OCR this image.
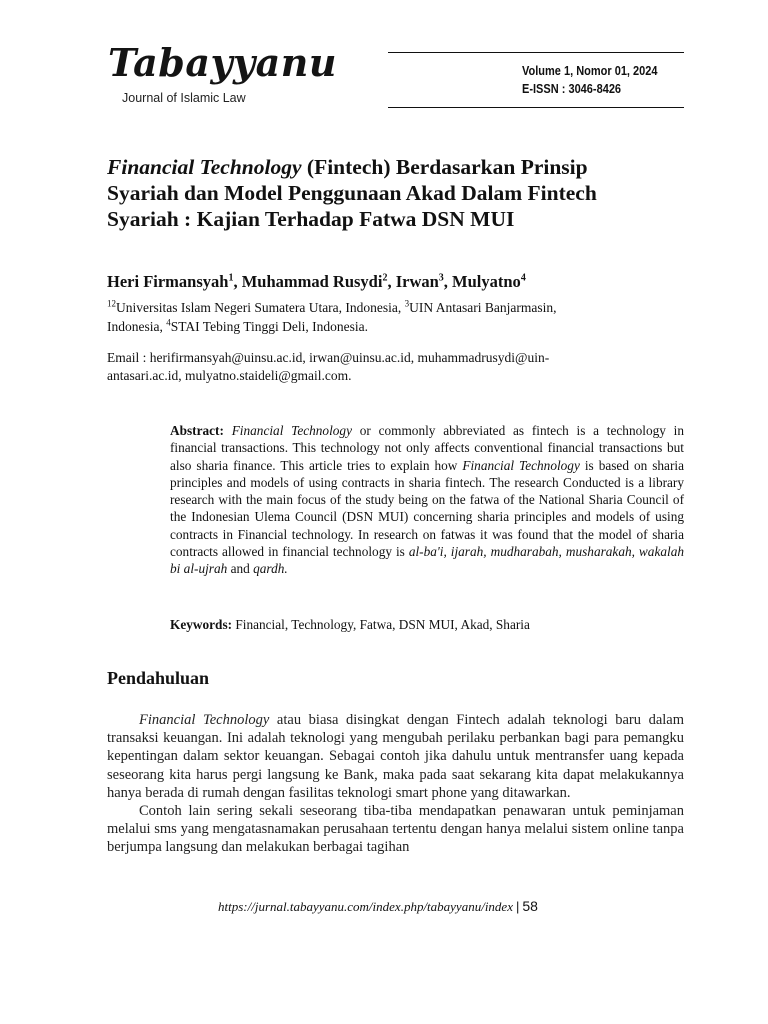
Tabayyanu
Journal of Islamic Law
Volume 1, Nomor 01, 2024
E-ISSN : 3046-8426
Financial Technology (Fintech) Berdasarkan Prinsip
Syariah dan Model Penggunaan Akad Dalam Fintech
Syariah : Kajian Terhadap Fatwa DSN MUI
Heri Firmansyah$^1$, Muhammad Rusydi$^2$, Irwan$^3$, Mulyatno$^4$
$^{12}$Universitas Islam Negeri Sumatera Utara, Indonesia, $^3$UIN Antasari Banjarmasin,
Indonesia, $^4$STAI Tebing Tinggi Deli, Indonesia.
Email : herifirmansyah@uinsu.ac.id, irwan@uinsu.ac.id, muhammadrusydi@uin-
antasari.ac.id, mulyatno.staideli@gmail.com.
Abstract: Financial Technology or commonly abbreviated as fintech is a technology in financial transactions. This technology not only affects conventional financial transactions but also sharia finance. This article tries to explain how Financial Technology is based on sharia principles and models of using contracts in sharia fintech. The research Conducted is a library research with the main focus of the study being on the fatwa of the National Sharia Council of the Indonesian Ulema Council (DSN MUI) concerning sharia principles and models of using contracts in Financial technology. In research on fatwas it was found that the model of sharia contracts allowed in financial technology is al-ba'i, ijarah, mudharabah, musharakah, wakalah bi al-ujrah and qardh.
Keywords: Financial, Technology, Fatwa, DSN MUI, Akad, Sharia
Pendahuluan

Financial Technology atau biasa disingkat dengan Fintech adalah teknologi baru dalam transaksi keuangan. Ini adalah teknologi yang mengubah perilaku perbankan bagi para pemangku kepentingan dalam sektor keuangan. Sebagai contoh jika dahulu untuk mentransfer uang kepada seseorang kita harus pergi langsung ke Bank, maka pada saat sekarang kita dapat melakukannya hanya berada di rumah dengan fasilitas teknologi smart phone yang ditawarkan.

Contoh lain sering sekali seseorang tiba-tiba mendapatkan penawaran untuk peminjaman melalui sms yang mengatasnamakan perusahaan tertentu dengan hanya melalui sistem online tanpa berjumpa langsung dan melakukan berbagai tagihan

https://jurnal.tabayyanu.com/index.php/tabayyanu/index | 58
